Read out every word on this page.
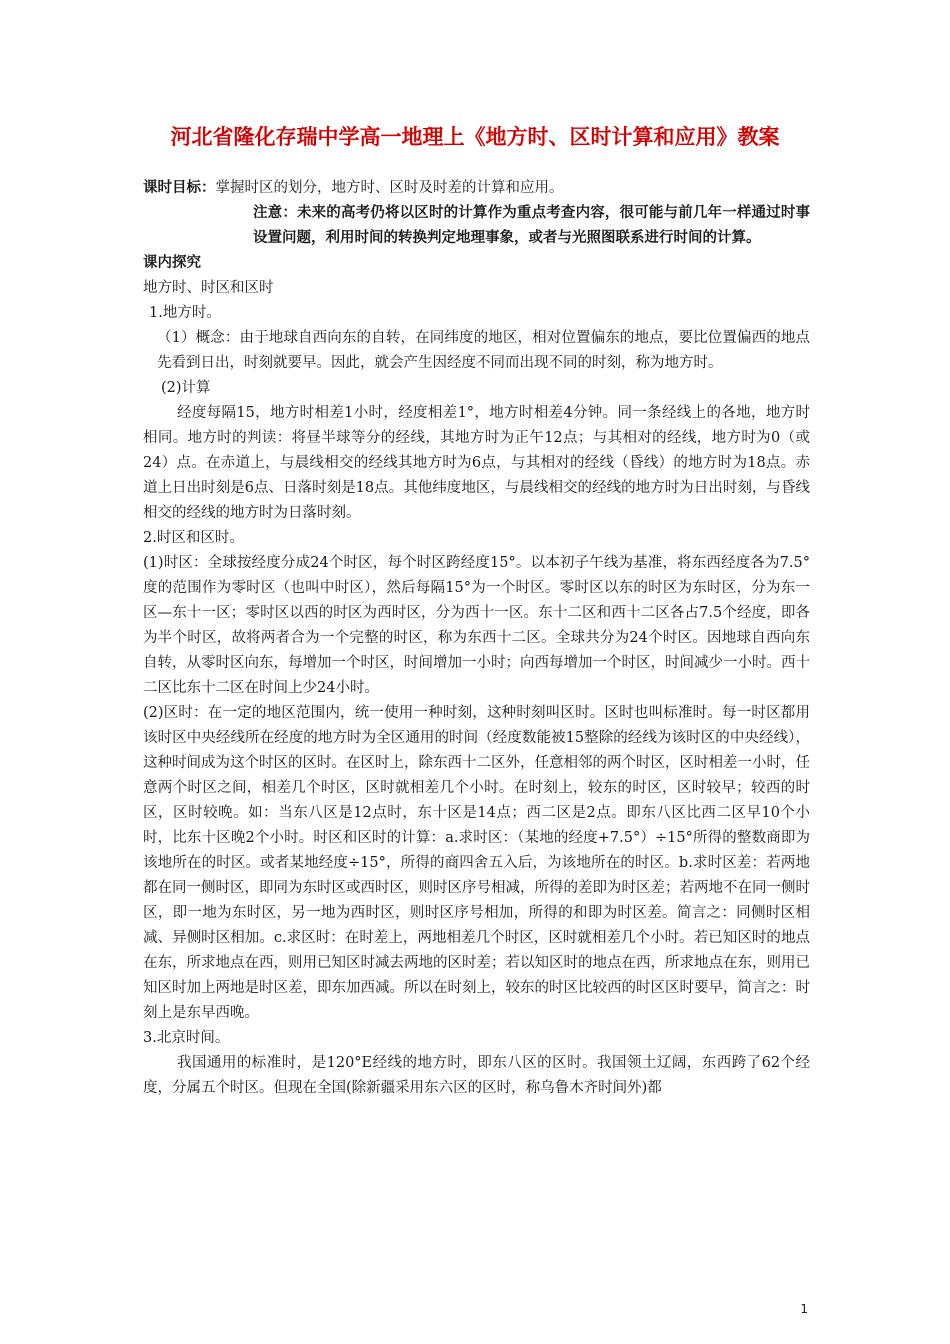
河北省隆化存瑞中学高一地理上《地方时、区时计算和应用》教案

课时目标：掌握时区的划分，地方时、区时及时差的计算和应用。

注意：未来的高考仍将以区时的计算作为重点考查内容，很可能与前几年一样通过时事设置问题，利用时间的转换判定地理事象，或者与光照图联系进行时间的计算。

课内探究

地方时、时区和区时

1.地方时。

（1）概念：由于地球自西向东的自转，在同纬度的地区，相对位置偏东的地点，要比位置偏西的地点先看到日出，时刻就要早。因此，就会产生因经度不同而出现不同的时刻，称为地方时。

(2)计算

经度每隔15，地方时相差1小时，经度相差1°，地方时相差4分钟。同一条经线上的各地，地方时相同。地方时的判读：将昼半球等分的经线，其地方时为正午12点；与其相对的经线，地方时为0（或24）点。在赤道上，与晨线相交的经线其地方时为6点，与其相对的经线（昏线）的地方时为18点。赤道上日出时刻是6点、日落时刻是18点。其他纬度地区，与晨线相交的经线的地方时为日出时刻，与昏线相交的经线的地方时为日落时刻。

2.时区和区时。

(1)时区：全球按经度分成24个时区，每个时区跨经度15°。以本初子午线为基准，将东西经度各为7.5°度的范围作为零时区（也叫中时区），然后每隔15°为一个时区。零时区以东的时区为东时区，分为东一区—东十一区；零时区以西的时区为西时区，分为西十一区。东十二区和西十二区各占7.5个经度，即各为半个时区，故将两者合为一个完整的时区，称为东西十二区。全球共分为24个时区。因地球自西向东自转，从零时区向东，每增加一个时区，时间增加一小时；向西每增加一个时区，时间减少一小时。西十二区比东十二区在时间上少24小时。

(2)区时：在一定的地区范围内，统一使用一种时刻，这种时刻叫区时。区时也叫标准时。每一时区都用该时区中央经线所在经度的地方时为全区通用的时间（经度数能被15整除的经线为该时区的中央经线），这种时间成为这个时区的区时。在区时上，除东西十二区外，任意相邻的两个时区，区时相差一小时，任意两个时区之间，相差几个时区，区时就相差几个小时。在时刻上，较东的时区，区时较早；较西的时区，区时较晚。如：当东八区是12点时，东十区是14点；西二区是2点。即东八区比西二区早10个小时，比东十区晚2个小时。时区和区时的计算：a.求时区：（某地的经度+7.5°）÷15°所得的整数商即为该地所在的时区。或者某地经度÷15°，所得的商四舍五入后，为该地所在的时区。b.求时区差：若两地都在同一侧时区，即同为东时区或西时区，则时区序号相减，所得的差即为时区差；若两地不在同一侧时区，即一地为东时区，另一地为西时区，则时区序号相加，所得的和即为时区差。简言之：同侧时区相减、异侧时区相加。c.求区时：在时差上，两地相差几个时区，区时就相差几个小时。若已知区时的地点在东，所求地点在西，则用已知区时减去两地的区时差；若以知区时的地点在西，所求地点在东，则用已知区时加上两地是时区差，即东加西减。所以在时刻上，较东的时区比较西的时区区时要早，简言之：时刻上是东早西晚。

3.北京时间。

我国通用的标准时，是120°E经线的地方时，即东八区的区时。我国领土辽阔，东西跨了62个经度，分属五个时区。但现在全国(除新疆采用东六区的区时，称乌鲁木齐时间外)都

1
